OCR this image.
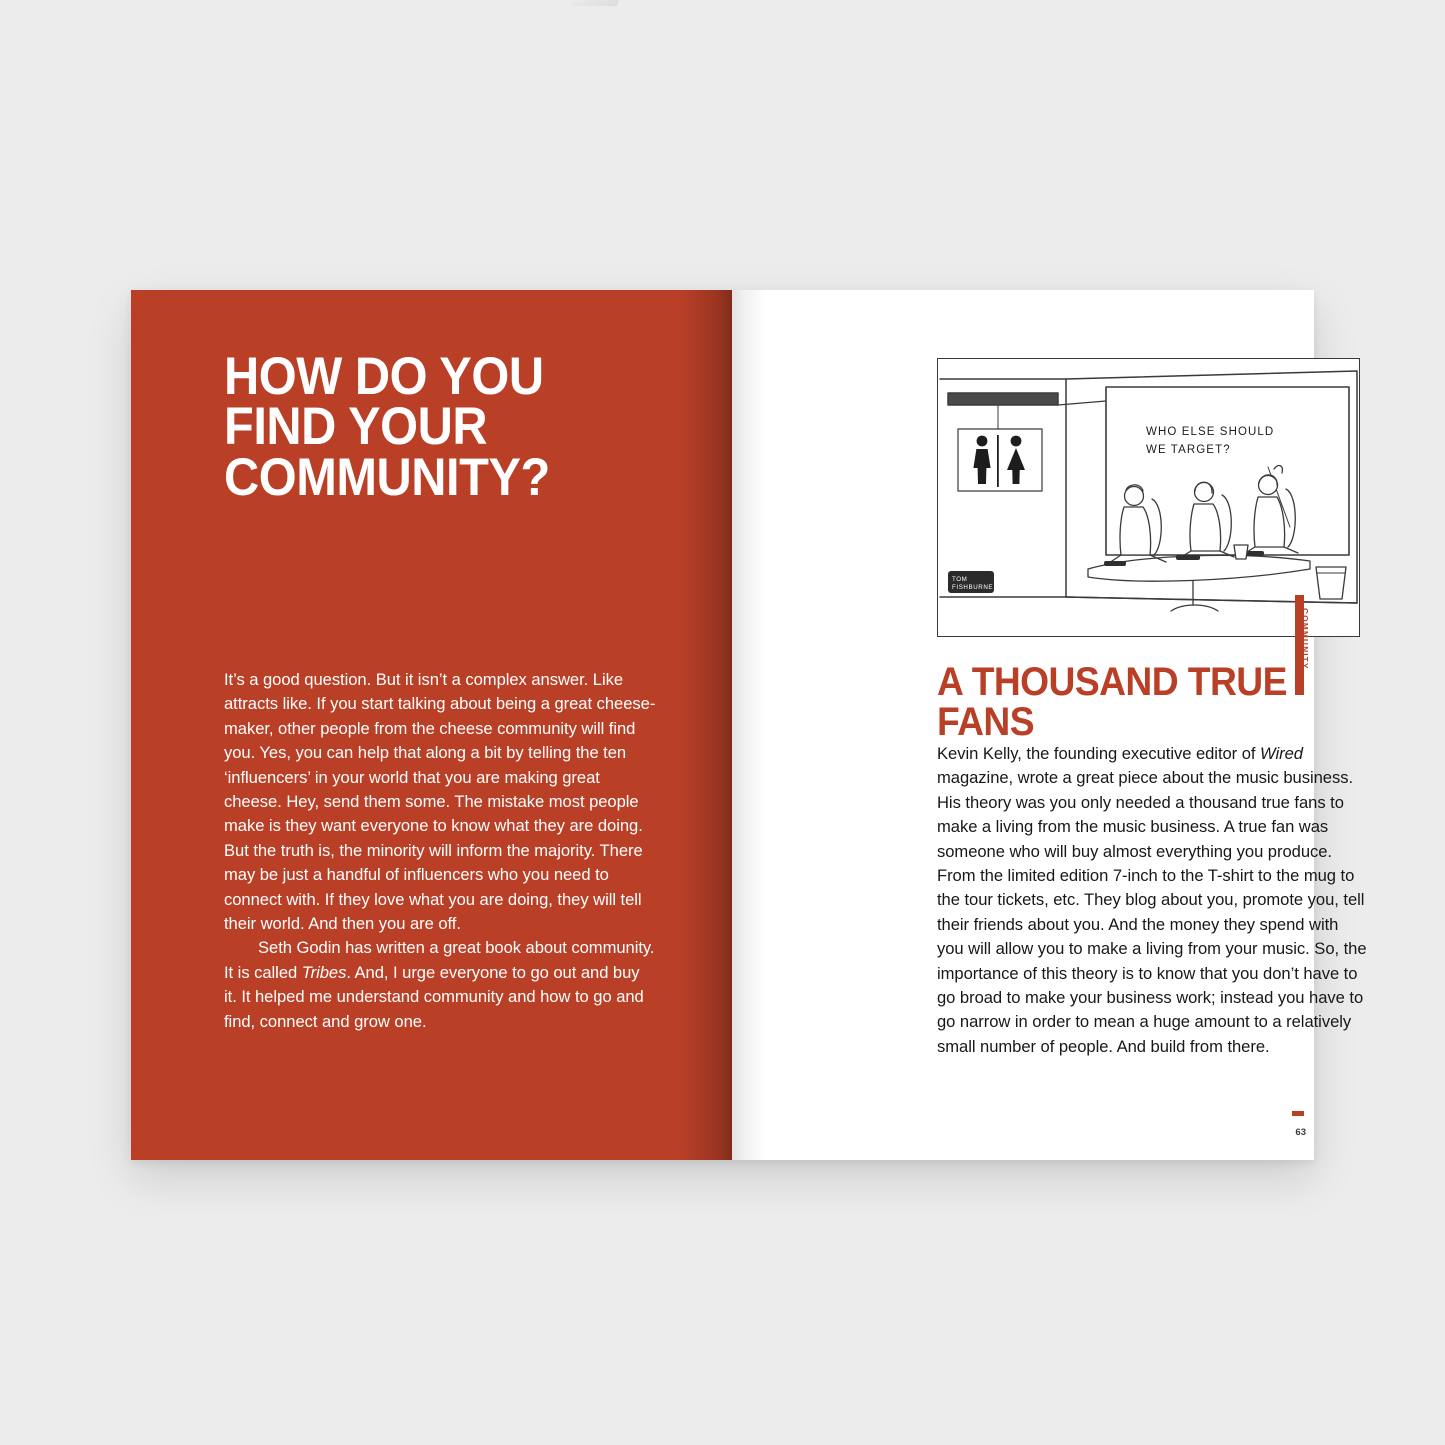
HOW DO YOU
FIND YOUR
COMMUNITY?

It’s a good question. But it isn’t a complex answer. Like attracts like. If you start talking about being a great cheese-maker, other people from the cheese community will find you. Yes, you can help that along a bit by telling the ten ‘influencers’ in your world that you are making great cheese. Hey, send them some. The mistake most people make is they want everyone to know what they are doing. But the truth is, the minority will inform the majority. There may be just a handful of influencers who you need to connect with. If they love what you are doing, they will tell their world. And then you are off.

Seth Godin has written a great book about community. It is called Tribes. And, I urge everyone to go out and buy it. It helped me understand community and how to go and find, connect and grow one.

WHO ELSE SHOULD
WE TARGET?
TOM
FISHBURNE
A THOUSAND TRUE FANS

Kevin Kelly, the founding executive editor of Wired magazine, wrote a great piece about the music business. His theory was you only needed a thousand true fans to make a living from the music business. A true fan was someone who will buy almost everything you produce. From the limited edition 7-inch to the T-shirt to the mug to the tour tickets, etc. They blog about you, promote you, tell their friends about you. And the money they spend with you will allow you to make a living from your music. So, the importance of this theory is to know that you don’t have to go broad to make your business work; instead you have to go narrow in order to mean a huge amount to a relatively small number of people. And build from there.

COMMUNITY
63
